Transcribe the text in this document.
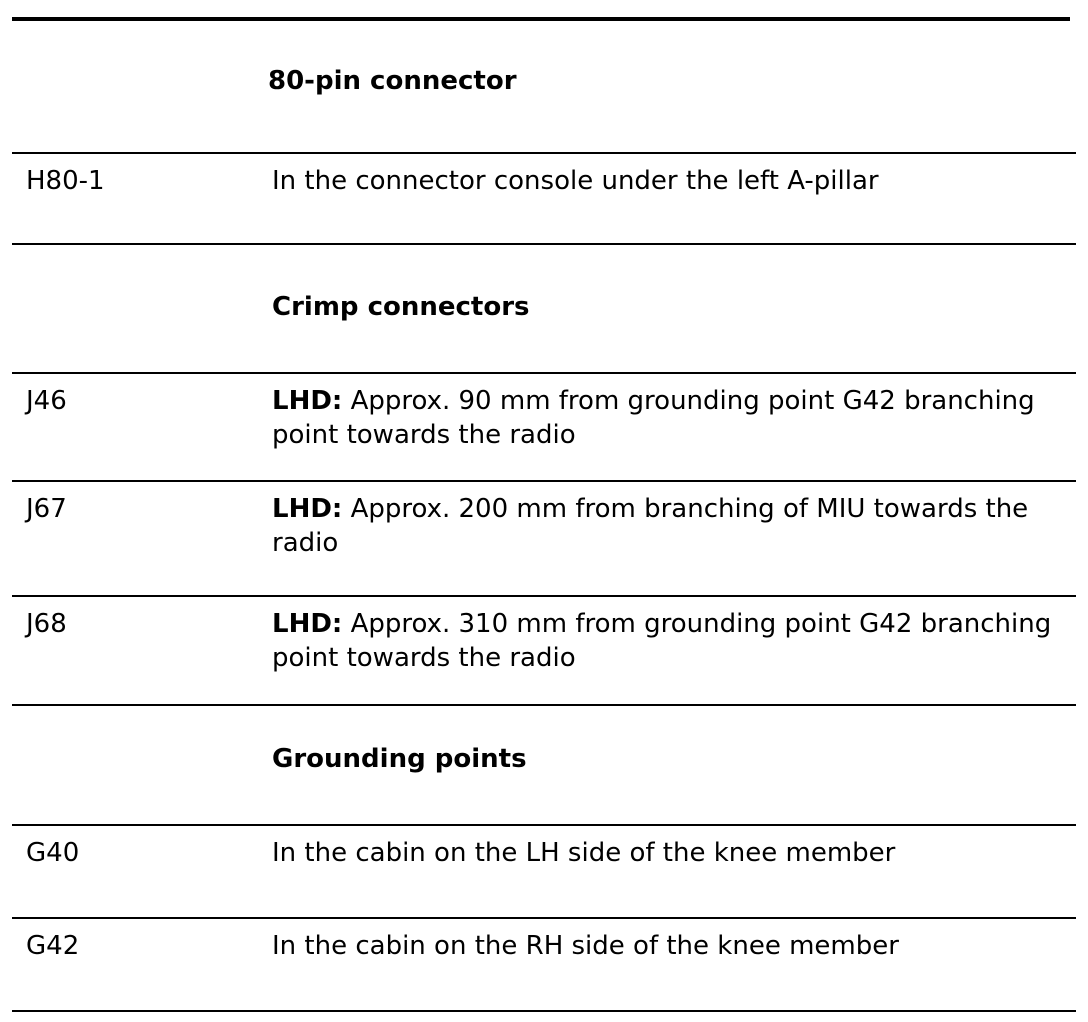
80-pin connector
H80-1	In the connector console under the left A-pillar
Crimp connectors
J46	LHD: Approx. 90 mm from grounding point G42 branching point towards the radio
J67	LHD: Approx. 200 mm from branching of MIU towards the radio
J68	LHD: Approx. 310 mm from grounding point G42 branching point towards the radio
Grounding points
G40	In the cabin on the LH side of the knee member
G42	In the cabin on the RH side of the knee member
